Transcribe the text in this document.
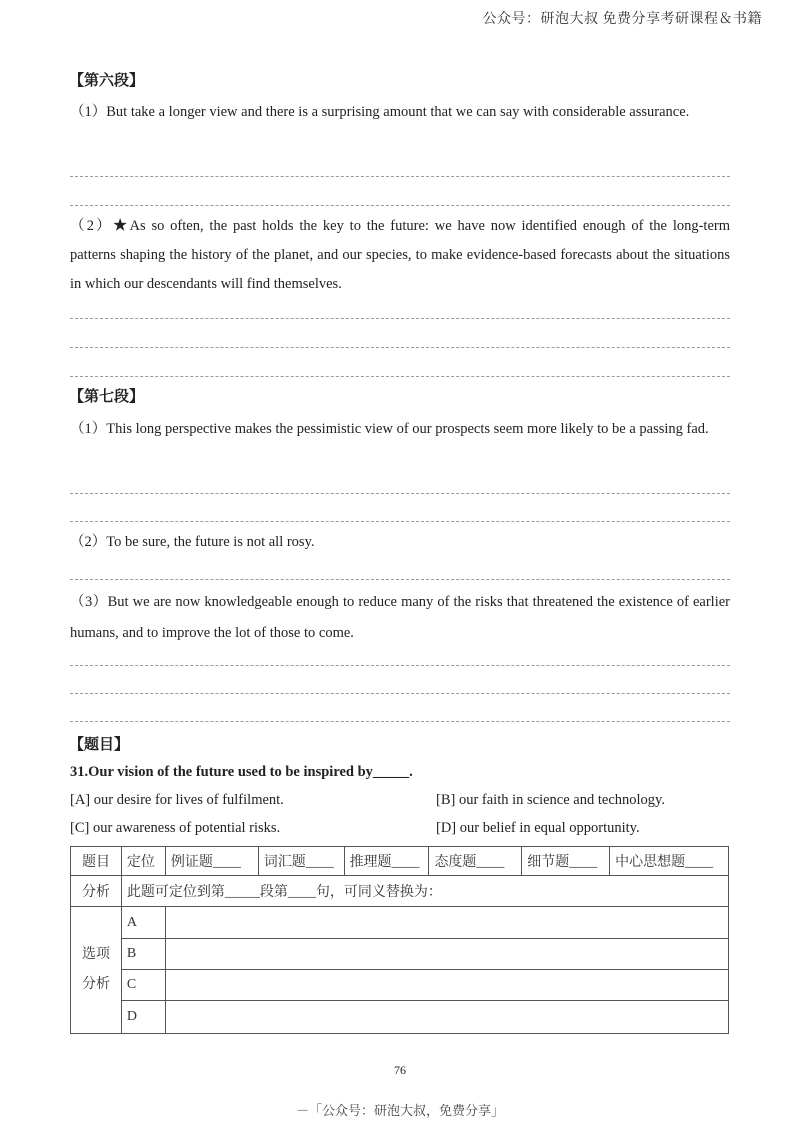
公众号：研泡大叔 免费分享考研课程＆书籍
【第六段】
（1）But take a longer view and there is a surprising amount that we can say with considerable assurance.
（2）★As so often, the past holds the key to the future: we have now identified enough of the long-term patterns shaping the history of the planet, and our species, to make evidence-based forecasts about the situations in which our descendants will find themselves.
【第七段】
（1）This long perspective makes the pessimistic view of our prospects seem more likely to be a passing fad.
（2）To be sure, the future is not all rosy.
（3）But we are now knowledgeable enough to reduce many of the risks that threatened the existence of earlier humans, and to improve the lot of those to come.
【题目】
31.Our vision of the future used to be inspired by_____.
[A] our desire for lives of fulfilment.	[B] our faith in science and technology.
[C] our awareness of potential risks.	[D] our belief in equal opportunity.
题目	定位	例证题____	词汇题____	推理题____	态度题____	细节题____	中心思想题____
分析	此题可定位到第_____段第____句，可同义替换为：						

选项
分析	A						
	B						
	C						
	D						
76
－「公众号：研泡大叔，免费分享」
